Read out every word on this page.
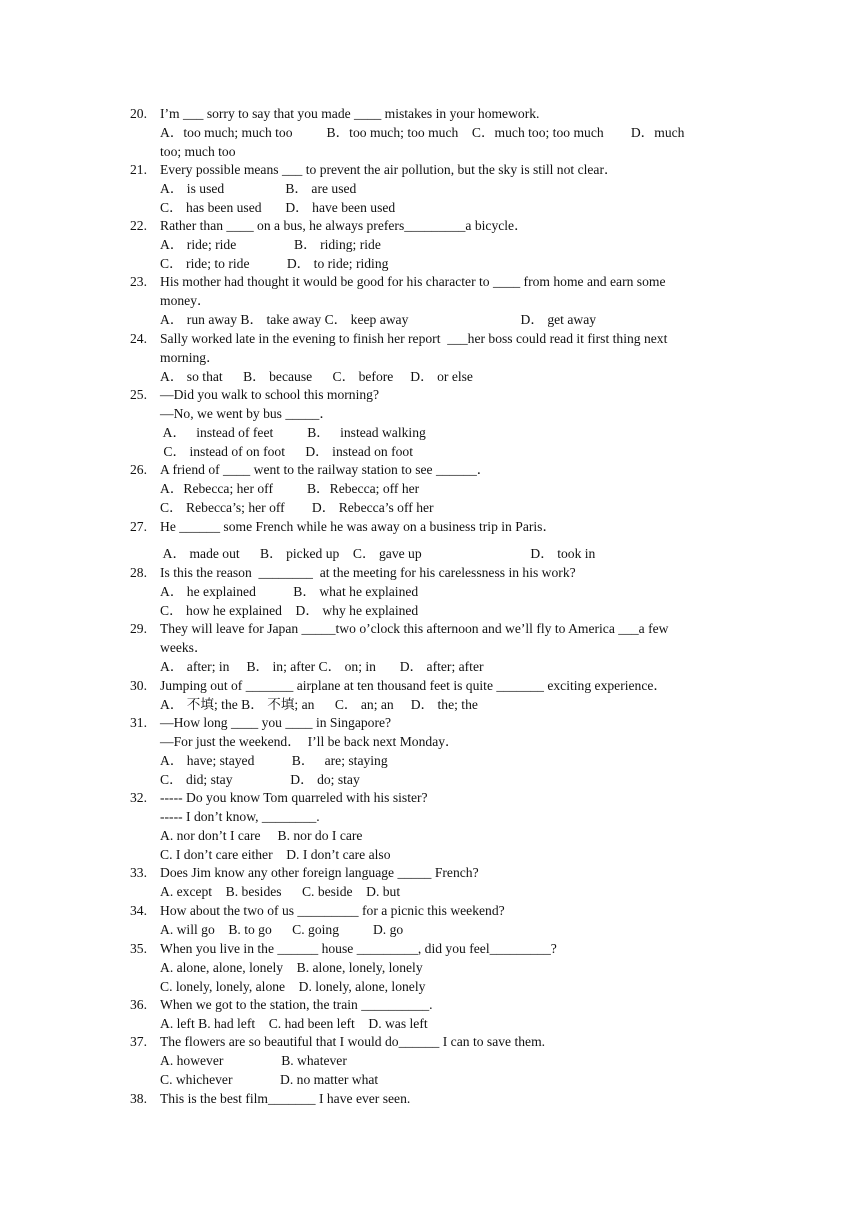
20. I’m ___ sorry to say that you made ____ mistakes in your homework.
A．too much; much too          B．too much; too much    C．much too; too much        D．much
too; much too
21. Every possible means ___ to prevent the air pollution, but the sky is still not clear．
A． is used                  B． are used
C． has been used       D． have been used
22. Rather than ____ on a bus, he always prefers_________a bicycle．
A． ride; ride                 B． riding; ride
C． ride; to ride           D． to ride; riding
23. His mother had thought it would be good for his character to ____ from home and earn some
money．
A． run away B． take away C． keep away                                 D． get away
24. Sally worked late in the evening to finish her report  ___her boss could read it first thing next
morning．
A． so that      B． because      C． before     D． or else
25. —Did you walk to school this morning?
—No, we went by bus _____．
A．   instead of feet          B．   instead walking
C． instead of on foot      D． instead on foot
26. A friend of ____ went to the railway station to see ______．
A．Rebecca; her off          B．Rebecca; off her
C． Rebecca’s; her off        D． Rebecca’s off her
27. He ______ some French while he was away on a business trip in Paris．
A． made out      B． picked up    C． gave up                                D． took in
28. Is this the reason  ________  at the meeting for his carelessness in his work?
A． he explained           B． what he explained
C． how he explained    D． why he explained
29. They will leave for Japan _____two o’clock this afternoon and we’ll fly to America ___a few
weeks．
A． after; in     B． in; after C． on; in       D． after; after
30. Jumping out of _______ airplane at ten thousand feet is quite _______ exciting experience．
A． 不填; the B． 不填; an      C． an; an     D． the; the
31. —How long ____ you ____ in Singapore?
—For just the weekend．  I’ll be back next Monday．
A． have; stayed           B．   are; staying
C． did; stay                 D． do; stay
32. ----- Do you know Tom quarreled with his sister?
----- I don’t know, ________.
A. nor don’t I care     B. nor do I care
C. I don’t care either    D. I don’t care also
33. Does Jim know any other foreign language _____ French?
A. except    B. besides      C. beside    D. but
34. How about the two of us _________ for a picnic this weekend?
A. will go    B. to go      C. going          D. go
35. When you live in the ______ house _________, did you feel_________?
A. alone, alone, lonely    B. alone, lonely, lonely
C. lonely, lonely, alone    D. lonely, alone, lonely
36. When we got to the station, the train __________.
A. left B. had left    C. had been left    D. was left
37. The flowers are so beautiful that I would do______ I can to save them.
A. however                 B. whatever
C. whichever              D. no matter what
38. This is the best film_______ I have ever seen.
